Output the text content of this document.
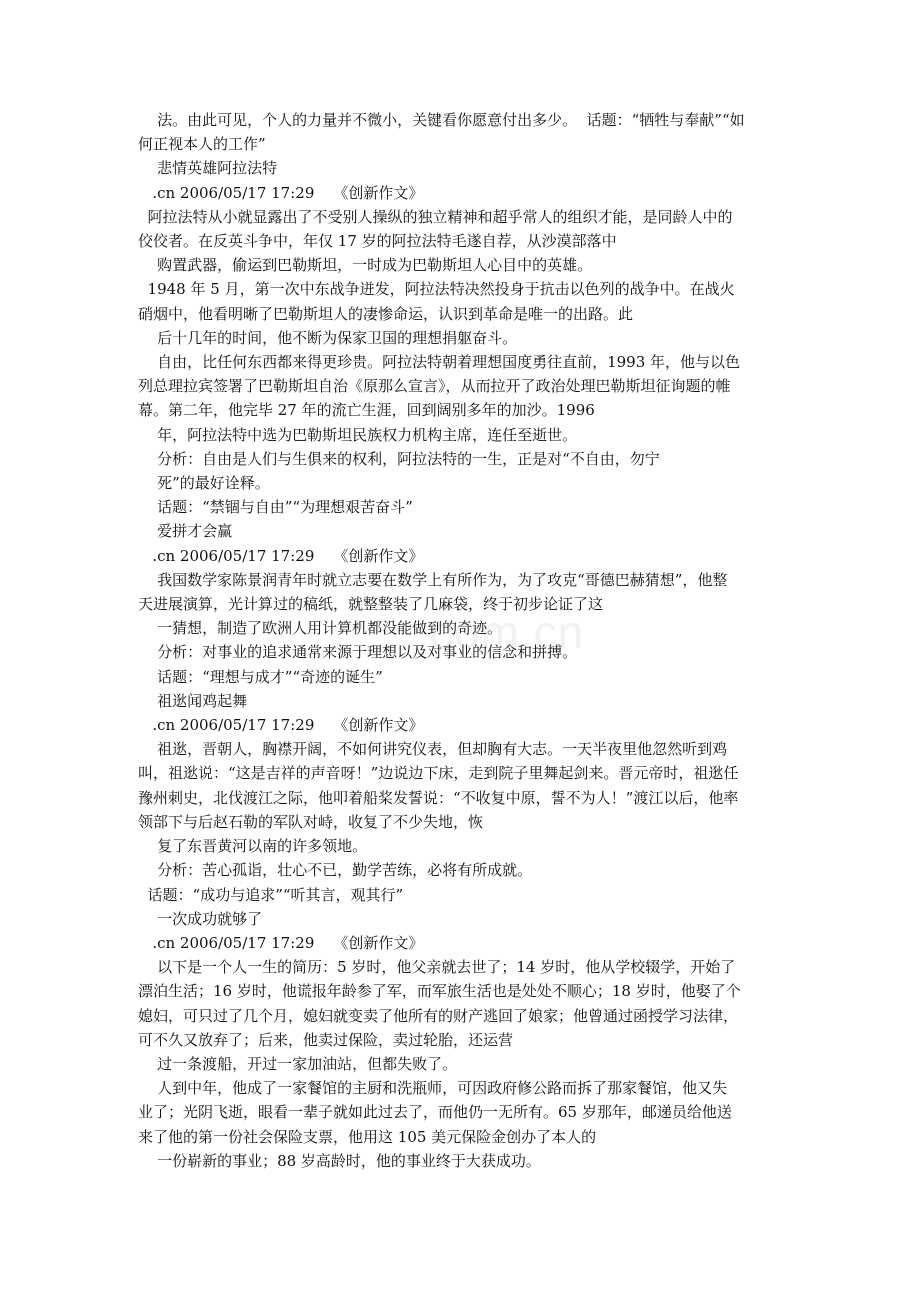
com.cn

法。由此可见，个人的力量并不微小，关键看你愿意付出多少。  话题：“牺牲与奉献”“如

何正视本人的工作”

悲情英雄阿拉法特

.cn 2006/05/17 17:29    《创新作文》

阿拉法特从小就显露出了不受别人操纵的独立精神和超乎常人的组织才能，是同龄人中的

佼佼者。在反英斗争中，年仅 17 岁的阿拉法特毛遂自荐，从沙漠部落中

购置武器，偷运到巴勒斯坦，一时成为巴勒斯坦人心目中的英雄。

1948 年 5 月，第一次中东战争迸发，阿拉法特决然投身于抗击以色列的战争中。在战火

硝烟中，他看明晰了巴勒斯坦人的凄惨命运，认识到革命是唯一的出路。此

后十几年的时间，他不断为保家卫国的理想捐躯奋斗。

自由，比任何东西都来得更珍贵。阿拉法特朝着理想国度勇往直前，1993 年，他与以色

列总理拉宾签署了巴勒斯坦自治《原那么宣言》，从而拉开了政治处理巴勒斯坦征询题的帷

幕。第二年，他完毕 27 年的流亡生涯，回到阔别多年的加沙。1996

年，阿拉法特中选为巴勒斯坦民族权力机构主席，连任至逝世。

分析：自由是人们与生俱来的权利，阿拉法特的一生，正是对“不自由，勿宁

死”的最好诠释。

话题：“禁锢与自由”“为理想艰苦奋斗”

爱拼才会赢

.cn 2006/05/17 17:29    《创新作文》

我国数学家陈景润青年时就立志要在数学上有所作为，为了攻克“哥德巴赫猜想”，他整

天进展演算，光计算过的稿纸，就整整装了几麻袋，终于初步论证了这

一猜想，制造了欧洲人用计算机都没能做到的奇迹。

分析：对事业的追求通常来源于理想以及对事业的信念和拼搏。

话题：“理想与成才”“奇迹的诞生”

祖逖闻鸡起舞

.cn 2006/05/17 17:29    《创新作文》

祖逖，晋朝人，胸襟开阔，不如何讲究仪表，但却胸有大志。一天半夜里他忽然听到鸡

叫，祖逖说：“这是吉祥的声音呀！”边说边下床，走到院子里舞起剑来。晋元帝时，祖逖任

豫州刺史，北伐渡江之际，他叩着船桨发誓说：“不收复中原，誓不为人！”渡江以后，他率

领部下与后赵石勒的军队对峙，收复了不少失地，恢

复了东晋黄河以南的许多领地。

分析：苦心孤诣，壮心不已，勤学苦练，必将有所成就。

话题：“成功与追求”“听其言，观其行”

一次成功就够了

.cn 2006/05/17 17:29    《创新作文》

以下是一个人一生的简历：5 岁时，他父亲就去世了；14 岁时，他从学校辍学，开始了

漂泊生活；16 岁时，他谎报年龄参了军，而军旅生活也是处处不顺心；18 岁时，他娶了个

媳妇，可只过了几个月，媳妇就变卖了他所有的财产逃回了娘家；他曾通过函授学习法律，

可不久又放弃了；后来，他卖过保险，卖过轮胎，还运营

过一条渡船，开过一家加油站，但都失败了。

人到中年，他成了一家餐馆的主厨和洗瓶师，可因政府修公路而拆了那家餐馆，他又失

业了；光阴飞逝，眼看一辈子就如此过去了，而他仍一无所有。65 岁那年，邮递员给他送

来了他的第一份社会保险支票，他用这 105 美元保险金创办了本人的

一份崭新的事业；88 岁高龄时，他的事业终于大获成功。
